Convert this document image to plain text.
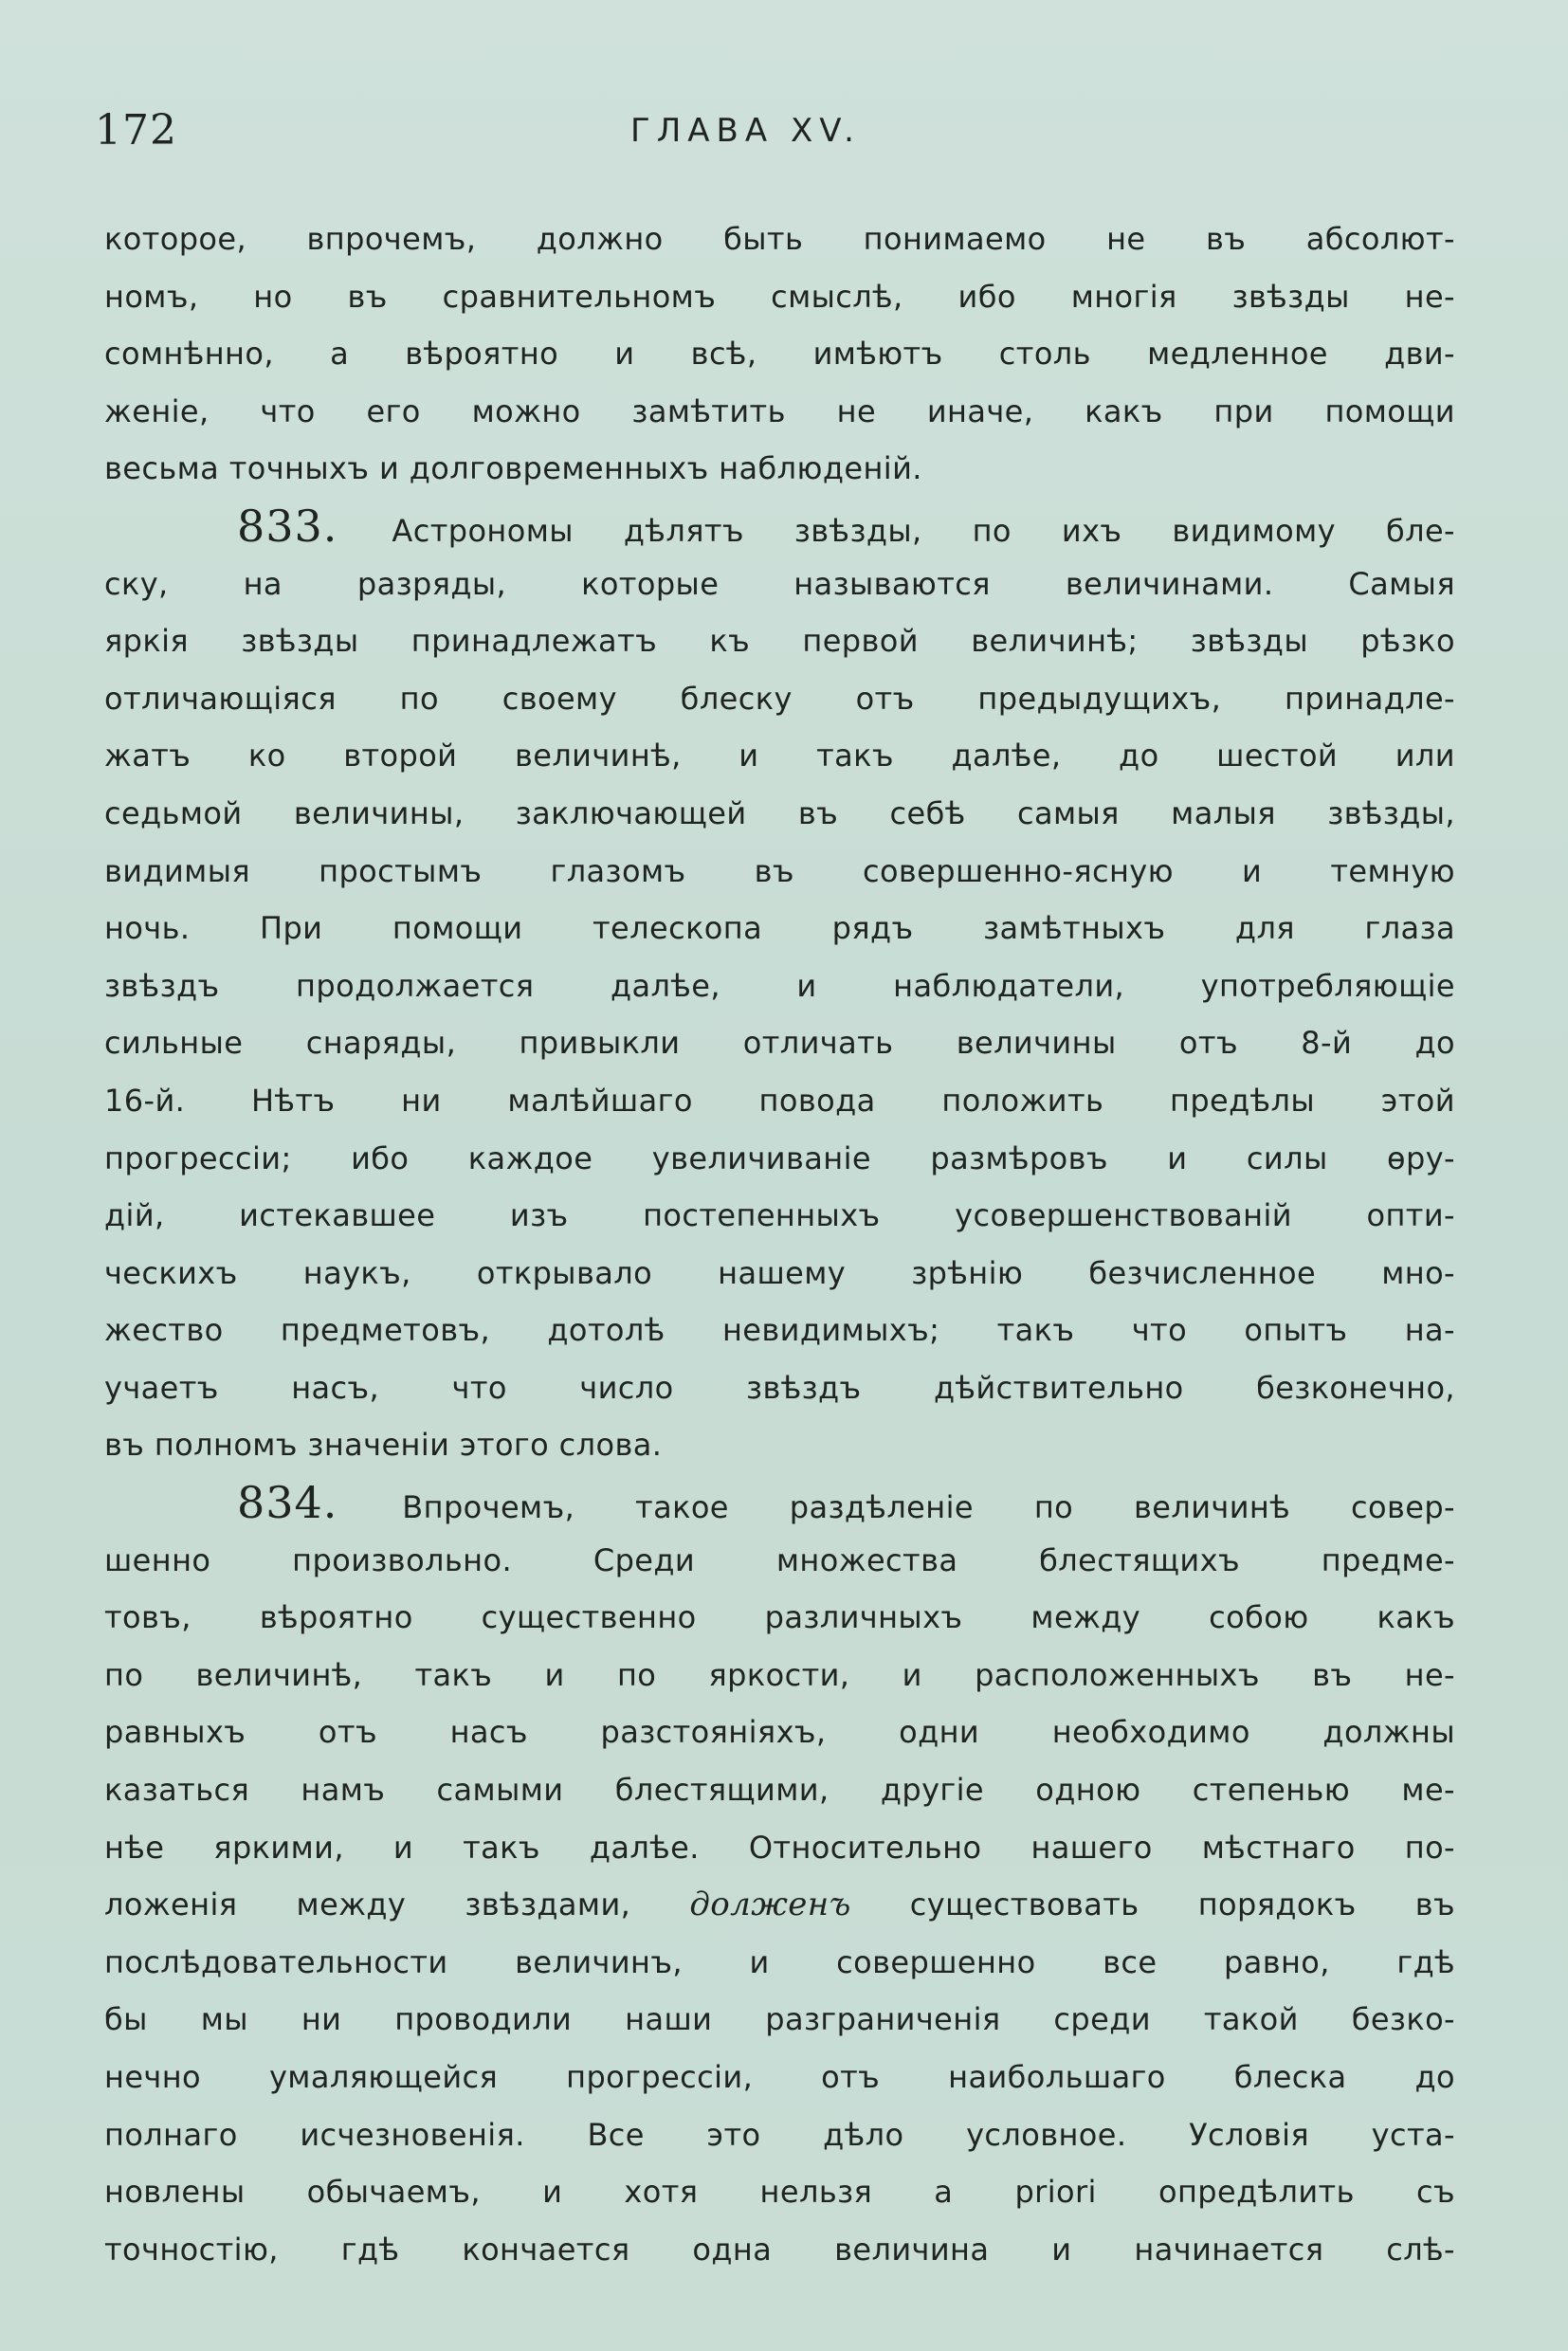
172	ГЛАВА XV.
которое, впрочемъ, должно быть понимаемо не въ абсолют-
номъ, но въ сравнительномъ смыслѣ, ибо многія звѣзды не-
сомнѣнно, а вѣроятно и всѣ, имѣютъ столь медленное дви-
женіе, что его можно замѣтить не иначе, какъ при помощи
весьма точныхъ и долговременныхъ наблюденій.
833. Астрономы дѣлятъ звѣзды, по ихъ видимому бле-
ску, на разряды, которые называются величинами. Самыя
яркія звѣзды принадлежатъ къ первой величинѣ; звѣзды рѣзко
отличающіяся по своему блеску отъ предыдущихъ, принадле-
жатъ ко второй величинѣ, и такъ далѣе, до шестой или
седьмой величины, заключающей въ себѣ самыя малыя звѣзды,
видимыя простымъ глазомъ въ совершенно-ясную и темную
ночь. При помощи телескопа рядъ замѣтныхъ для глаза
звѣздъ продолжается далѣе, и наблюдатели, употребляющіе
сильные снаряды, привыкли отличать величины отъ 8-й до
16-й. Нѣтъ ни малѣйшаго повода положить предѣлы этой
прогрессіи; ибо каждое увеличиваніе размѣровъ и силы ѳру-
дій, истекавшее изъ постепенныхъ усовершенствованій опти-
ческихъ наукъ, открывало нашему зрѣнію безчисленное мно-
жество предметовъ, дотолѣ невидимыхъ; такъ что опытъ на-
учаетъ насъ, что число звѣздъ дѣйствительно безконечно,
въ полномъ значеніи этого слова.
834. Впрочемъ, такое раздѣленіе по величинѣ совер-
шенно произвольно. Среди множества блестящихъ предме-
товъ, вѣроятно существенно различныхъ между собою какъ
по величинѣ, такъ и по яркости, и расположенныхъ въ не-
равныхъ отъ насъ разстояніяхъ, одни необходимо должны
казаться намъ самыми блестящими, другіе одною степенью ме-
нѣе яркими, и такъ далѣе. Относительно нашего мѣстнаго по-
ложенія между звѣздами, долженъ существовать порядокъ въ
послѣдовательности величинъ, и совершенно все равно, гдѣ
бы мы ни проводили наши разграниченія среди такой безко-
нечно умаляющейся прогрессіи, отъ наибольшаго блеска до
полнаго исчезновенія. Все это дѣло условное. Условія уста-
новлены обычаемъ, и хотя нельзя a priori опредѣлить съ
точностію, гдѣ кончается одна величина и начинается слѣ-
